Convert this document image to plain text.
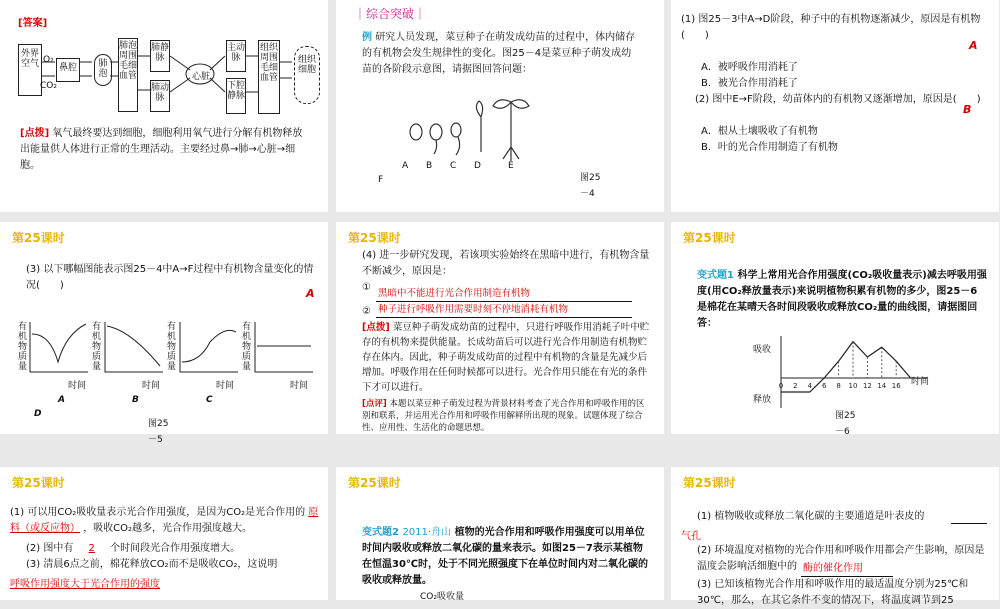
[答案]
外界空气	鼻腔	肺泡
肺泡周围毛细血管
肺静脉
肺动脉
心脏
主动脉
下腔静脉
组织周围毛细血管
组织细胞
O₂
CO₂
[点拨] 氧气最终要达到细胞，细胞利用氧气进行分解有机物释放出能量供人体进行正常的生理活动。主要经过鼻→肺→心脏→细胞。
｜综合突破｜
例 研究人员发现，菜豆种子在萌发成幼苗的过程中，体内储存的有机物会发生规律性的变化。图25－4是菜豆种子萌发成幼苗的各阶段示意图，请据图回答问题：
A B C D	E
F	图25－4
(1) 图25－3中A→D阶段，种子中的有机物逐渐减少，原因是有机物(　　)
A
A．被呼吸作用消耗了
B．被光合作用消耗了
(2) 图中E→F阶段，幼苗体内的有机物又逐渐增加，原因是(　　)
B
A．根从土壤吸收了有机物
B．叶的光合作用制造了有机物
第25课时
(3) 以下哪幅图能表示图25－4中A→F过程中有机物含量变化的情况(　　)
A
有机物质量
有机物质量
有机物质量
有机物质量
时间	时间	时间	时间
A	B	C
D
图25－5
第25课时
(4) 进一步研究发现，若该项实验始终在黑暗中进行，有机物含量不断减少，原因是：
①
黑暗中不能进行光合作用制造有机物
② 种子进行呼吸作用需要时刻不停地消耗有机物
[点拨] 菜豆种子萌发成幼苗的过程中，只进行呼吸作用消耗子叶中贮存的有机物来提供能量。长成幼苗后可以进行光合作用制造有机物贮存在体内。因此，种子萌发成幼苗的过程中有机物的含量是先减少后增加。呼吸作用在任何时候都可以进行。光合作用只能在有光的条件下才可以进行。
[点评] 本题以菜豆种子萌发过程为背景材料考查了光合作用和呼吸作用的区别和联系，并运用光合作用和呼吸作用解释所出现的现象。试题体现了综合性、应用性、生活化的命题思想。
第25课时
变式题1 科学上常用光合作用强度(CO₂吸收量表示)减去呼吸用强度(用CO₂释放量表示)来说明植物积累有机物的多少，图25－6是棉花在某晴天各时间段吸收或释放CO₂量的曲线图，请据图回答：
0 2 4 6 8 10 12 14 16
吸收
释放
时间
图25－6
第25课时
(1) 可以用CO₂吸收量表示光合作用强度，是因为CO₂是光合作用的 原料（或反应物） ，吸收CO₂越多，光合作用强度越大。
(2) 图中有 2 个时间段光合作用强度增大。
(3) 清晨6点之前，棉花释放CO₂而不是吸收CO₂，这说明
呼吸作用强度大于光合作用的强度
第25课时
变式题2 2011·舟山 植物的光合作用和呼吸作用强度可以用单位时间内吸收或释放二氧化碳的量来表示。如图25－7表示某植物在恒温30℃时，处于不同光照强度下在单位时间内对二氧化碳的吸收或释放量。
CO₂吸收量
第25课时
(1) 植物吸收或释放二氧化碳的主要通道是叶表皮的
气孔
(2) 环境温度对植物的光合作用和呼吸作用都会产生影响，原因是温度会影响活细胞中的 酶的催化作用
(3) 已知该植物光合作用和呼吸作用的最适温度分别为25℃和30℃，那么，在其它条件不变的情况下，将温度调节到25
